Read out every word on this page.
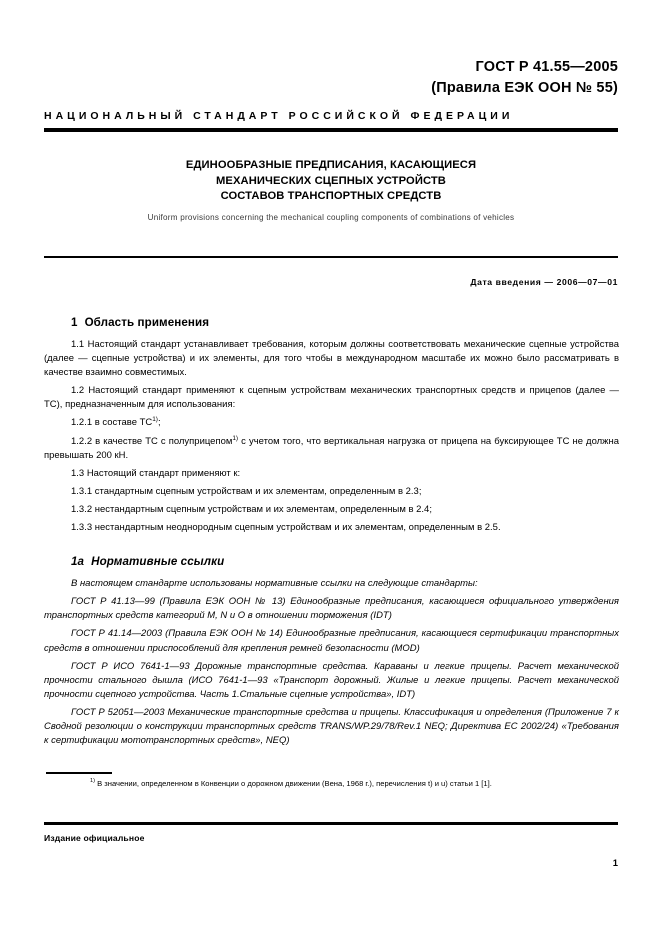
ГОСТ Р 41.55—2005
(Правила ЕЭК ООН № 55)
НАЦИОНАЛЬНЫЙ СТАНДАРТ РОССИЙСКОЙ ФЕДЕРАЦИИ
ЕДИНООБРАЗНЫЕ ПРЕДПИСАНИЯ, КАСАЮЩИЕСЯ
МЕХАНИЧЕСКИХ СЦЕПНЫХ УСТРОЙСТВ
СОСТАВОВ ТРАНСПОРТНЫХ СРЕДСТВ
Uniform provisions concerning the mechanical coupling components of combinations of vehicles
Дата введения — 2006—07—01
1 Область применения

1.1 Настоящий стандарт устанавливает требования, которым должны соответствовать механические сцепные устройства (далее — сцепные устройства) и их элементы, для того чтобы в международном масштабе их можно было рассматривать в качестве взаимно совместимых.

1.2 Настоящий стандарт применяют к сцепным устройствам механических транспортных средств и прицепов (далее — ТС), предназначенным для использования:

1.2.1 в составе ТС$^{1)}$;

1.2.2 в качестве ТС с полуприцепом$^{1)}$ с учетом того, что вертикальная нагрузка от прицепа на буксирующее ТС не должна превышать 200 кН.

1.3 Настоящий стандарт применяют к:

1.3.1 стандартным сцепным устройствам и их элементам, определенным в 2.3;

1.3.2 нестандартным сцепным устройствам и их элементам, определенным в 2.4;

1.3.3 нестандартным неоднородным сцепным устройствам и их элементам, определенным в 2.5.

1а Нормативные ссылки

В настоящем стандарте использованы нормативные ссылки на следующие стандарты:

ГОСТ Р 41.13—99 (Правила ЕЭК ООН № 13) Единообразные предписания, касающиеся официального утверждения транспортных средств категорий М, N и О в отношении торможения (IDT)

ГОСТ Р 41.14—2003 (Правила ЕЭК ООН № 14) Единообразные предписания, касающиеся сертификации транспортных средств в отношении приспособлений для крепления ремней безопасности (MOD)

ГОСТ Р ИСО 7641-1—93 Дорожные транспортные средства. Караваны и легкие прицепы. Расчет механической прочности стального дышла (ИСО 7641-1—93 «Транспорт дорожный. Жилые и легкие прицепы. Расчет механической прочности сцепного устройства. Часть 1.Стальные сцепные устройства», IDT)

ГОСТ Р 52051—2003 Механические транспортные средства и прицепы. Классификация и определения (Приложение 7 к Сводной резолюции о конструкции транспортных средств TRANS/WP.29/78/Rev.1 NEQ; Директива ЕС 2002/24) «Требования к сертификации мототранспортных средств», NEQ)

$^{1)}$ В значении, определенном в Конвенции о дорожном движении (Вена, 1968 г.), перечисления t) и u) статьи 1 [1].
Издание официальное
1
